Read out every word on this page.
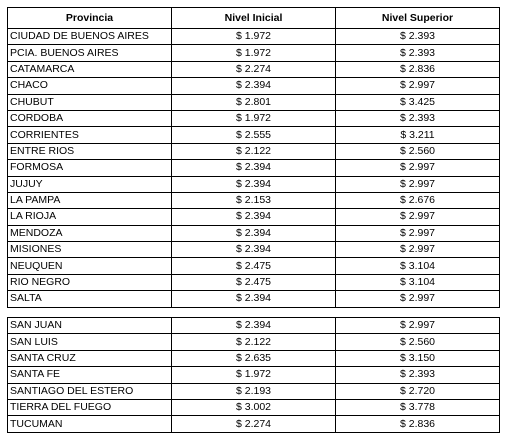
Provincia	Nivel Inicial	Nivel Superior
CIUDAD DE BUENOS AIRES	$ 1.972	$ 2.393
PCIA. BUENOS AIRES	$ 1.972	$ 2.393
CATAMARCA	$ 2.274	$ 2.836
CHACO	$ 2.394	$ 2.997
CHUBUT	$ 2.801	$ 3.425
CORDOBA	$ 1.972	$ 2.393
CORRIENTES	$ 2.555	$ 3.211
ENTRE RIOS	$ 2.122	$ 2.560
FORMOSA	$ 2.394	$ 2.997
JUJUY	$ 2.394	$ 2.997
LA PAMPA	$ 2.153	$ 2.676
LA RIOJA	$ 2.394	$ 2.997
MENDOZA	$ 2.394	$ 2.997
MISIONES	$ 2.394	$ 2.997
NEUQUEN	$ 2.475	$ 3.104
RIO NEGRO	$ 2.475	$ 3.104
SALTA	$ 2.394	$ 2.997
SAN JUAN	$ 2.394	$ 2.997
SAN LUIS	$ 2.122	$ 2.560
SANTA CRUZ	$ 2.635	$ 3.150
SANTA FE	$ 1.972	$ 2.393
SANTIAGO DEL ESTERO	$ 2.193	$ 2.720
TIERRA DEL FUEGO	$ 3.002	$ 3.778
TUCUMAN	$ 2.274	$ 2.836
